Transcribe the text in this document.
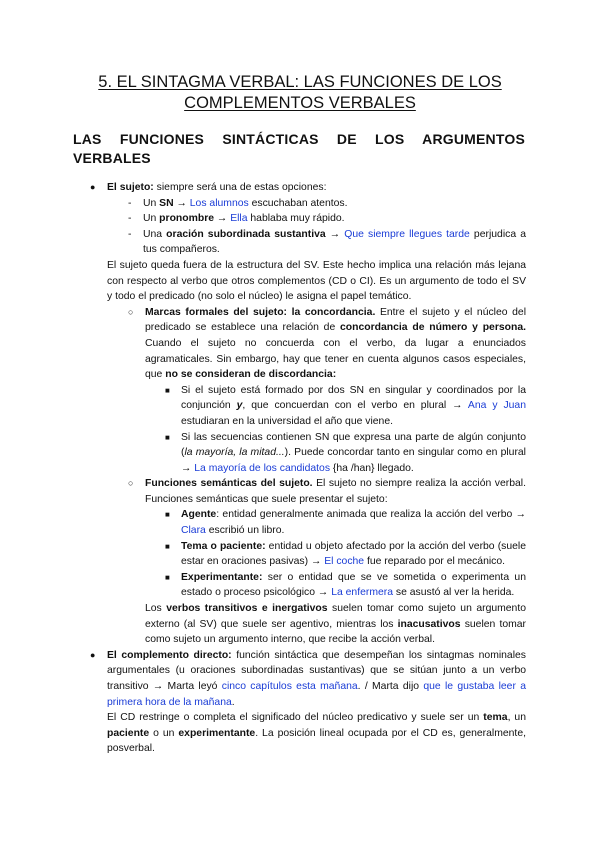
5. EL SINTAGMA VERBAL: LAS FUNCIONES DE LOS
COMPLEMENTOS VERBALES
LAS FUNCIONES SINTÁCTICAS DE LOS ARGUMENTOS VERBALES
● El sujeto: siempre será una de estas opciones:
- Un SN → Los alumnos escuchaban atentos.
- Un pronombre → Ella hablaba muy rápido.
- Una oración subordinada sustantiva → Que siempre llegues tarde perjudica a tus compañeros.
El sujeto queda fuera de la estructura del SV. Este hecho implica una relación más lejana con respecto al verbo que otros complementos (CD o CI). Es un argumento de todo el SV y todo el predicado (no solo el núcleo) le asigna el papel temático.
○ Marcas formales del sujeto: la concordancia. Entre el sujeto y el núcleo del predicado se establece una relación de concordancia de número y persona. Cuando el sujeto no concuerda con el verbo, da lugar a enunciados agramaticales. Sin embargo, hay que tener en cuenta algunos casos especiales, que no se consideran de discordancia:
■ Si el sujeto está formado por dos SN en singular y coordinados por la conjunción y, que concuerdan con el verbo en plural → Ana y Juan estudiaran en la universidad el año que viene.
■ Si las secuencias contienen SN que expresa una parte de algún conjunto (la mayoría, la mitad...). Puede concordar tanto en singular como en plural → La mayoría de los candidatos {ha /han} llegado.
○ Funciones semánticas del sujeto. El sujeto no siempre realiza la acción verbal. Funciones semánticas que suele presentar el sujeto:
■ Agente: entidad generalmente animada que realiza la acción del verbo → Clara escribió un libro.
■ Tema o paciente: entidad u objeto afectado por la acción del verbo (suele estar en oraciones pasivas) → El coche fue reparado por el mecánico.
■ Experimentante: ser o entidad que se ve sometida o experimenta un estado o proceso psicológico → La enfermera se asustó al ver la herida.
Los verbos transitivos e inergativos suelen tomar como sujeto un argumento externo (al SV) que suele ser agentivo, mientras los inacusativos suelen tomar como sujeto un argumento interno, que recibe la acción verbal.
● El complemento directo: función sintáctica que desempeñan los sintagmas nominales argumentales (u oraciones subordinadas sustantivas) que se sitúan junto a un verbo transitivo → Marta leyó cinco capítulos esta mañana. / Marta dijo que le gustaba leer a primera hora de la mañana.
El CD restringe o completa el significado del núcleo predicativo y suele ser un tema, un paciente o un experimentante. La posición lineal ocupada por el CD es, generalmente, posverbal.
